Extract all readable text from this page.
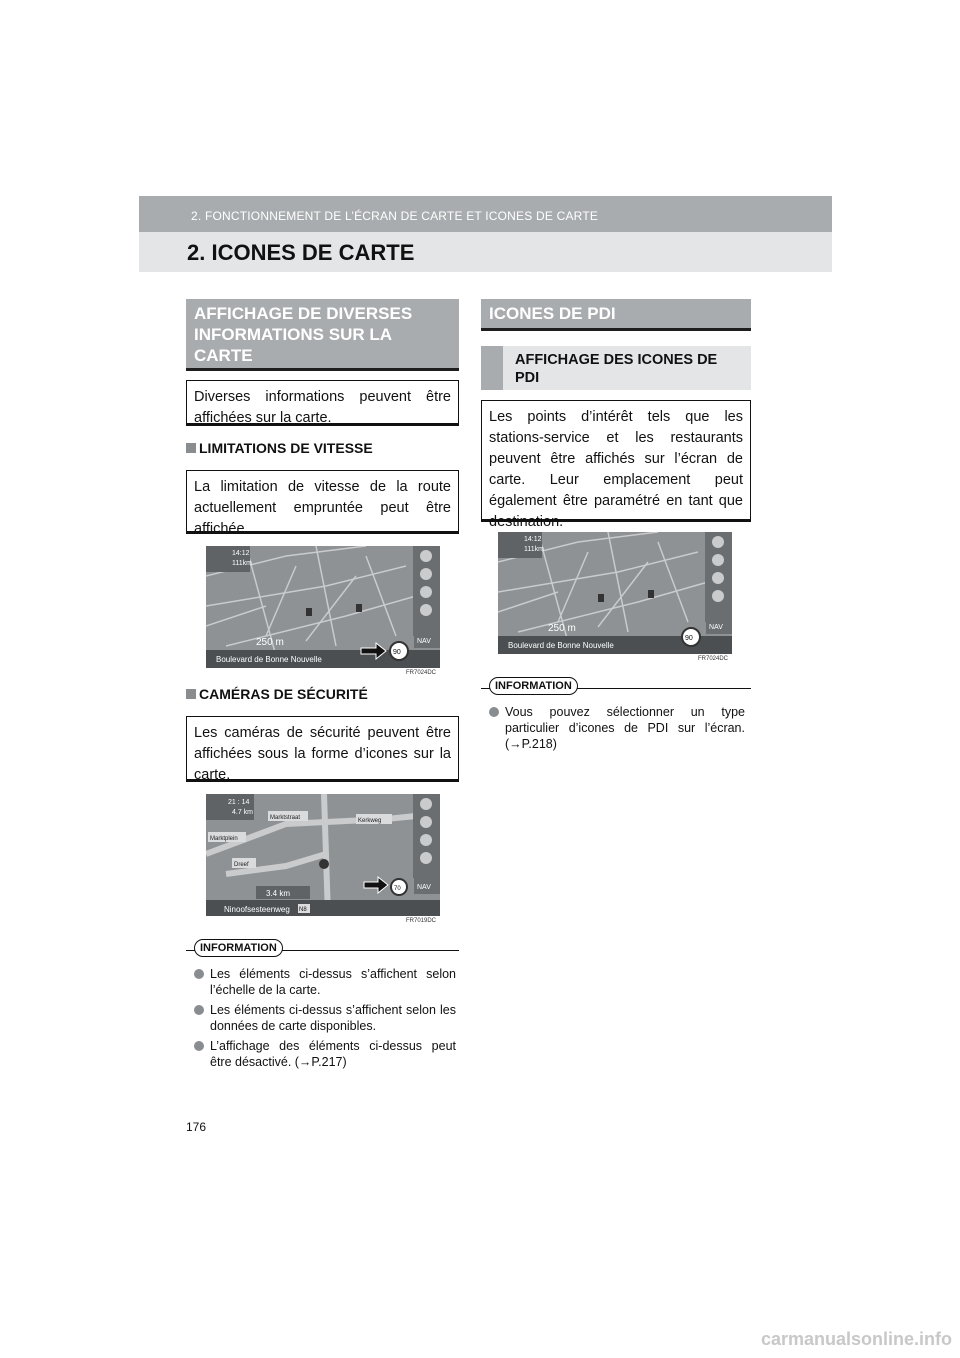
2. FONCTIONNEMENT DE L’ÉCRAN DE CARTE ET ICONES DE CARTE
2. ICONES DE CARTE
AFFICHAGE DE DIVERSES INFORMATIONS SUR LA CARTE
Diverses informations peuvent être affichées sur la carte.
LIMITATIONS DE VITESSE
La limitation de vitesse de la route actuellement empruntée peut être affichée.
14:12
111km
Boulevard de Bonne Nouvelle
250 m	NAV
90
FR7024DC
CAMÉRAS DE SÉCURITÉ
Les caméras de sécurité peuvent être affichées sous la forme d’icones sur la carte.
21 : 14
4.7 km
Marktstraat	Kerkweg
Marktplein
Dreef
Ninoofsesteenweg N8
3.4 km
NAV
70
FR7019DC
INFORMATION
Les éléments ci-dessus s’affichent selon l’échelle de la carte.
Les éléments ci-dessus s’affichent selon les données de carte disponibles.
L’affichage des éléments ci-dessus peut être désactivé. (→P.217)
ICONES DE PDI
AFFICHAGE DES ICONES DE PDI
Les points d’intérêt tels que les stations-service et les restaurants peuvent être affichés sur l’écran de carte. Leur emplacement peut également être paramétré en tant que destination.
14:12
111km
Boulevard de Bonne Nouvelle
250 m	NAV
90
FR7024DC
INFORMATION
Vous pouvez sélectionner un type particulier d’icones de PDI sur l’écran. (→P.218)
176
carmanualsonline.info
